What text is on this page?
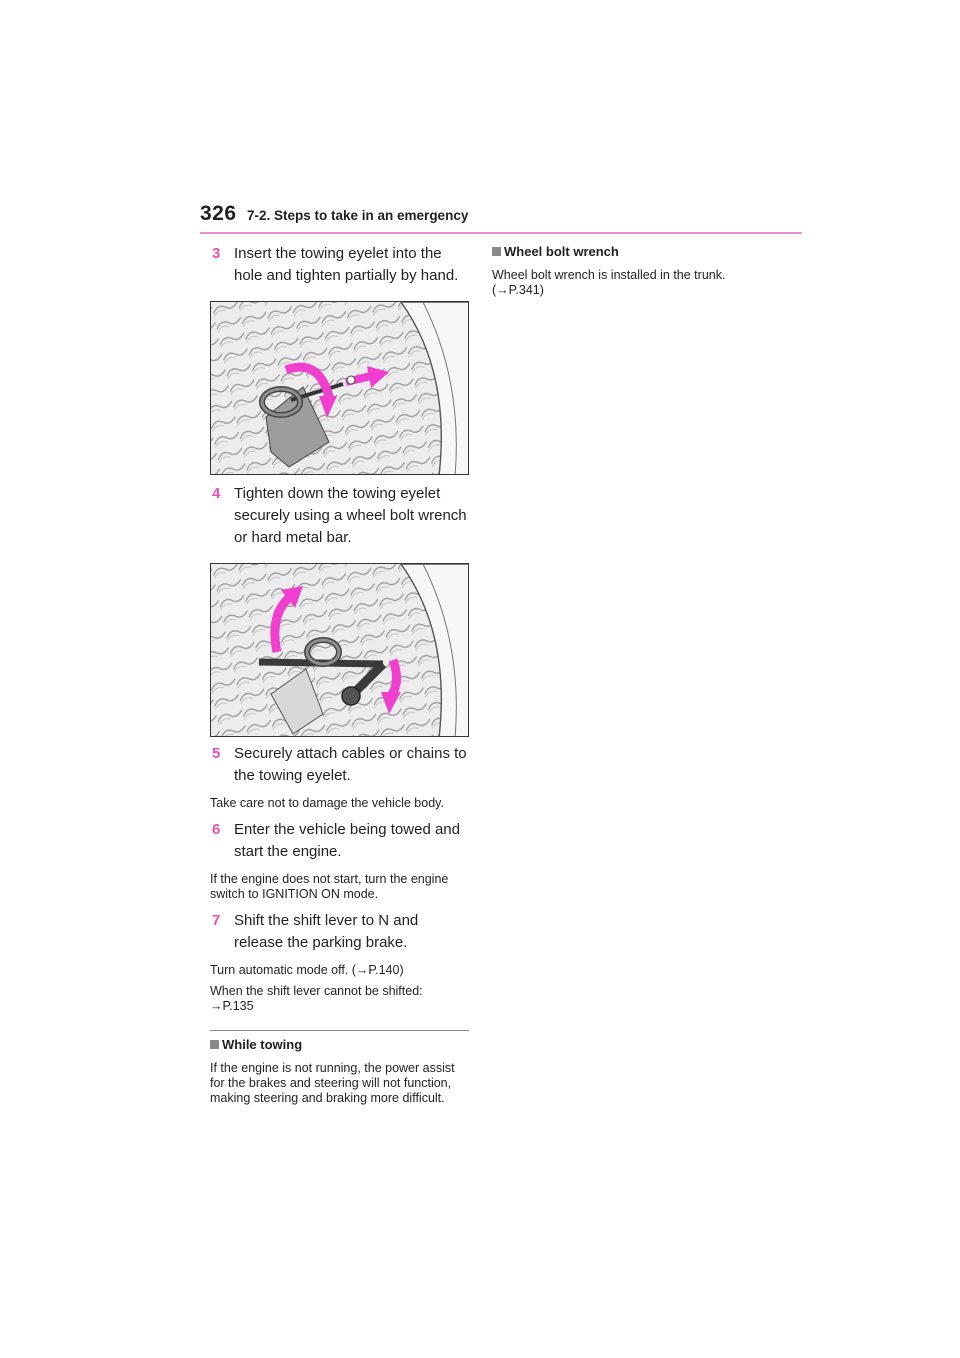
326 7-2. Steps to take in an emergency
3 Insert the towing eyelet into the hole and tighten partially by hand.
4 Tighten down the towing eyelet securely using a wheel bolt wrench or hard metal bar.
5 Securely attach cables or chains to the towing eyelet.
Take care not to damage the vehicle body.
6 Enter the vehicle being towed and start the engine.
If the engine does not start, turn the engine switch to IGNITION ON mode.
7 Shift the shift lever to N and release the parking brake.
Turn automatic mode off. (→P.140)
When the shift lever cannot be shifted: →P.135
While towing
If the engine is not running, the power assist for the brakes and steering will not function, making steering and braking more difficult.
Wheel bolt wrench
Wheel bolt wrench is installed in the trunk. (→P.341)
